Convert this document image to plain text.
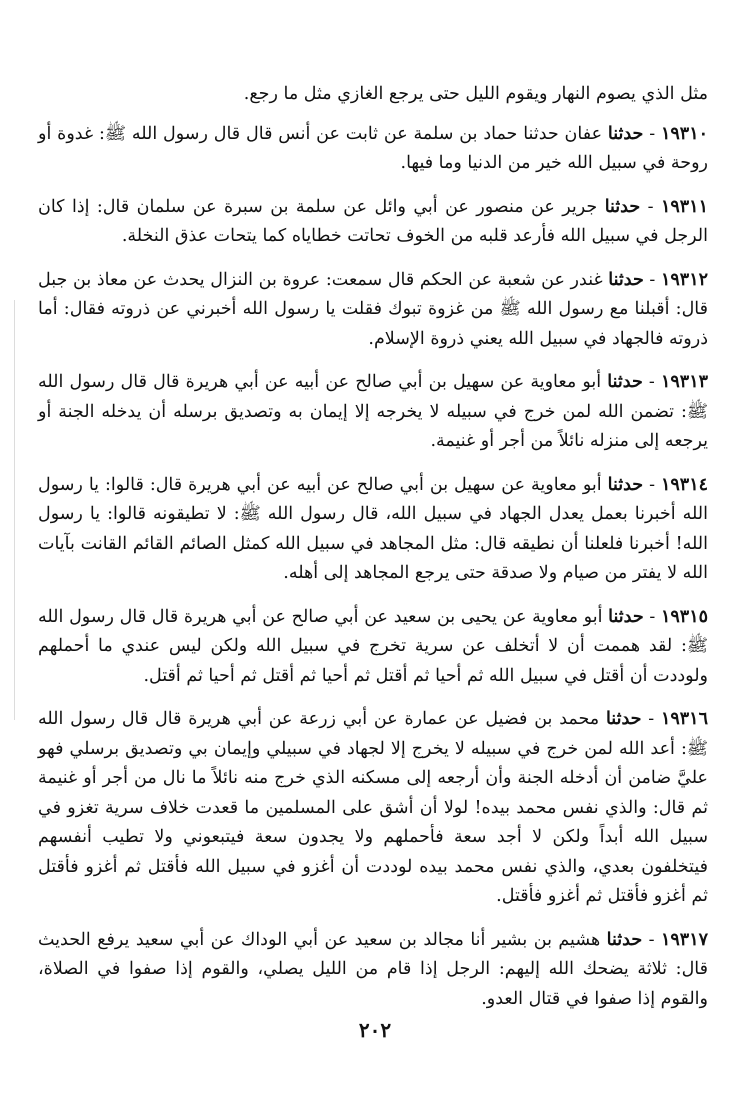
مثل الذي يصوم النهار ويقوم الليل حتى يرجع الغازي مثل ما رجع.

١٩٣١٠ - حدثنا عفان حدثنا حماد بن سلمة عن ثابت عن أنس قال قال رسول الله ﷺ: غدوة أو روحة في سبيل الله خير من الدنيا وما فيها.

١٩٣١١ - حدثنا جرير عن منصور عن أبي وائل عن سلمة بن سبرة عن سلمان قال: إذا كان الرجل في سبيل الله فأرعد قلبه من الخوف تحاتت خطاياه كما يتحات عذق النخلة.

١٩٣١٢ - حدثنا غندر عن شعبة عن الحكم قال سمعت: عروة بن النزال يحدث عن معاذ بن جبل قال: أقبلنا مع رسول الله ﷺ من غزوة تبوك فقلت يا رسول الله أخبرني عن ذروته فقال: أما ذروته فالجهاد في سبيل الله يعني ذروة الإسلام.

١٩٣١٣ - حدثنا أبو معاوية عن سهيل بن أبي صالح عن أبيه عن أبي هريرة قال قال رسول الله ﷺ: تضمن الله لمن خرج في سبيله لا يخرجه إلا إيمان به وتصديق برسله أن يدخله الجنة أو يرجعه إلى منزله نائلاً من أجر أو غنيمة.

١٩٣١٤ - حدثنا أبو معاوية عن سهيل بن أبي صالح عن أبيه عن أبي هريرة قال: قالوا: يا رسول الله أخبرنا بعمل يعدل الجهاد في سبيل الله، قال رسول الله ﷺ: لا تطيقونه قالوا: يا رسول الله! أخبرنا فلعلنا أن نطيقه قال: مثل المجاهد في سبيل الله كمثل الصائم القائم القانت بآيات الله لا يفتر من صيام ولا صدقة حتى يرجع المجاهد إلى أهله.

١٩٣١٥ - حدثنا أبو معاوية عن يحيى بن سعيد عن أبي صالح عن أبي هريرة قال قال رسول الله ﷺ: لقد هممت أن لا أتخلف عن سرية تخرج في سبيل الله ولكن ليس عندي ما أحملهم ولوددت أن أقتل في سبيل الله ثم أحيا ثم أقتل ثم أحيا ثم أقتل ثم أحيا ثم أقتل.

١٩٣١٦ - حدثنا محمد بن فضيل عن عمارة عن أبي زرعة عن أبي هريرة قال قال رسول الله ﷺ: أعد الله لمن خرج في سبيله لا يخرج إلا لجهاد في سبيلي وإيمان بي وتصديق برسلي فهو عليَّ ضامن أن أدخله الجنة وأن أرجعه إلى مسكنه الذي خرج منه نائلاً ما نال من أجر أو غنيمة ثم قال: والذي نفس محمد بيده! لولا أن أشق على المسلمين ما قعدت خلاف سرية تغزو في سبيل الله أبداً ولكن لا أجد سعة فأحملهم ولا يجدون سعة فيتبعوني ولا تطيب أنفسهم فيتخلفون بعدي، والذي نفس محمد بيده لوددت أن أغزو في سبيل الله فأقتل ثم أغزو فأقتل ثم أغزو فأقتل ثم أغزو فأقتل.

١٩٣١٧ - حدثنا هشيم بن بشير أنا مجالد بن سعيد عن أبي الوداك عن أبي سعيد يرفع الحديث قال: ثلاثة يضحك الله إليهم: الرجل إذا قام من الليل يصلي، والقوم إذا صفوا في الصلاة، والقوم إذا صفوا في قتال العدو.

٢٠٢
